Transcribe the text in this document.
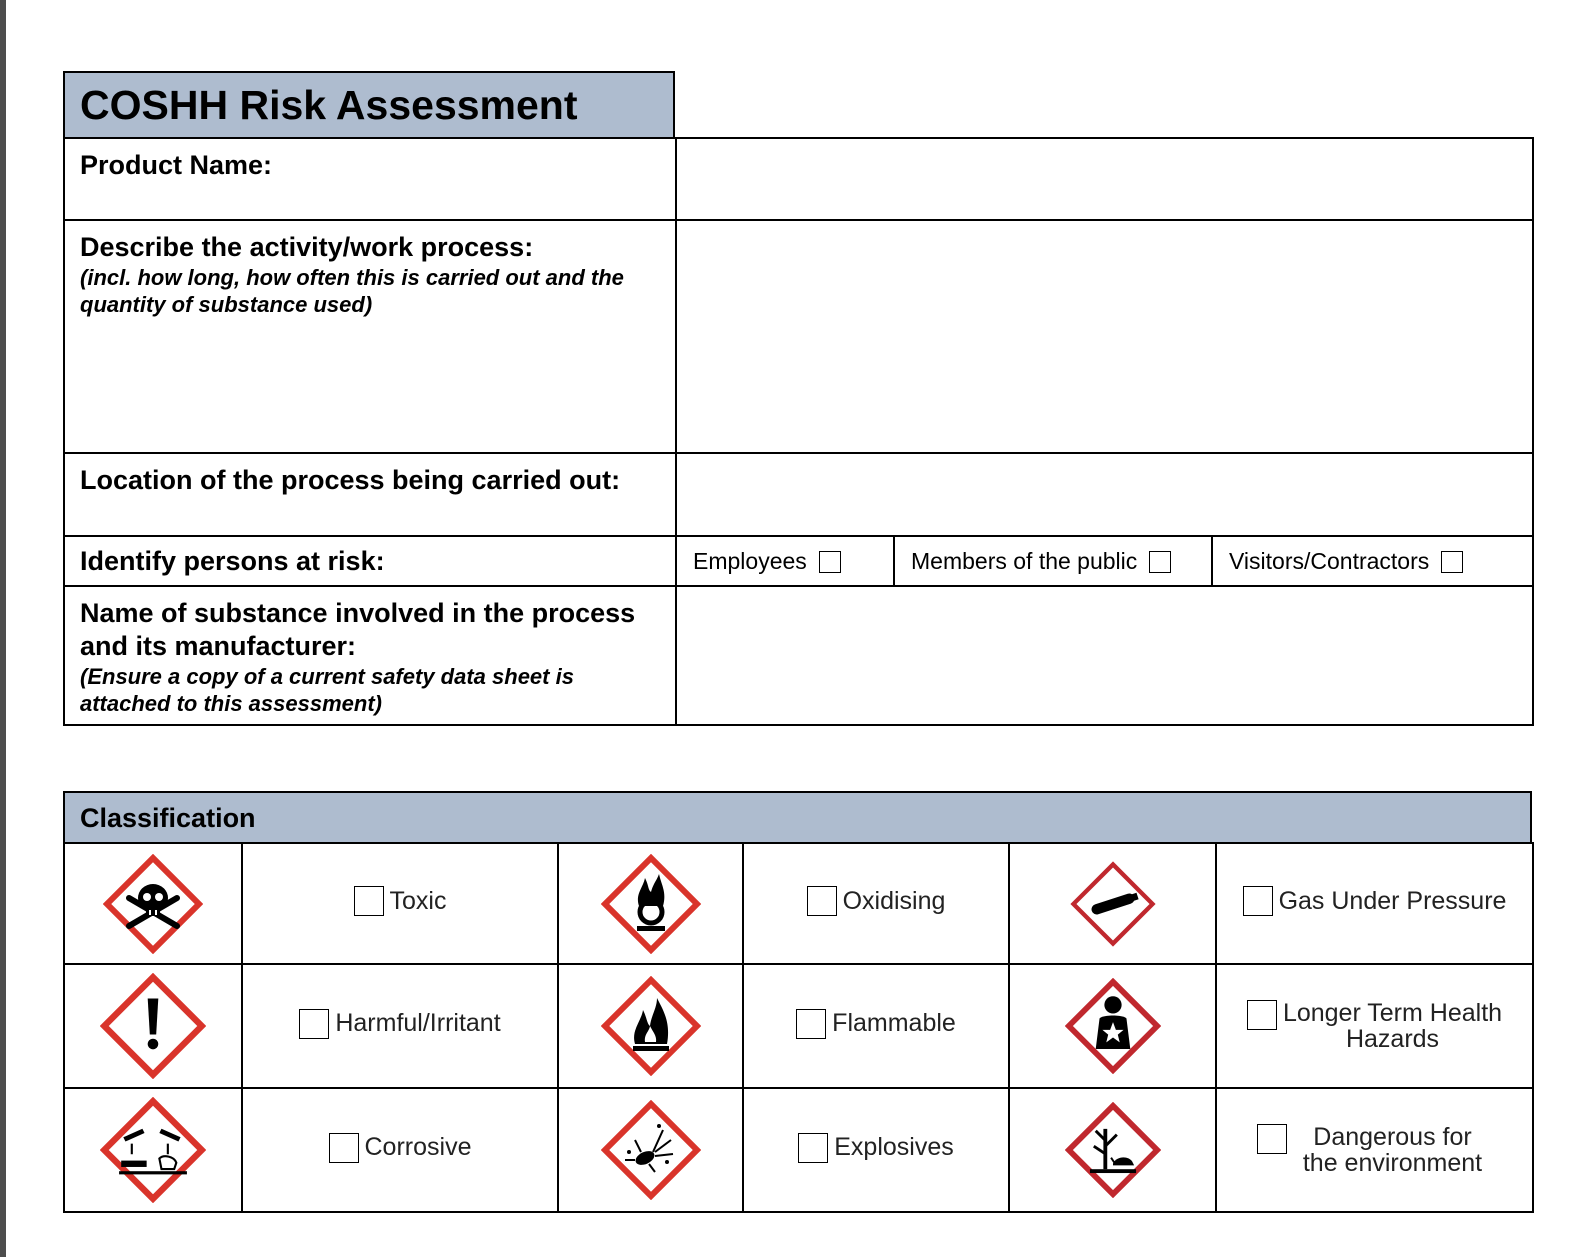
COSHH Risk Assessment
Product Name:			

Describe the activity/work process:
(incl. how long, how often this is carried out and the quantity of substance used)			

Location of the process being carried out:			

Identify persons at risk:	Employees	Members of the public	Visitors/Contractors

Name of substance involved in the process and its manufacturer:
(Ensure a copy of a current safety data sheet is attached to this assessment)			

Classification

Toxic		Oxidising		Gas Under Pressure

Harmful/Irritant		Flammable		Longer Term Health Hazards

Corrosive		Explosives		Dangerous for the environment
